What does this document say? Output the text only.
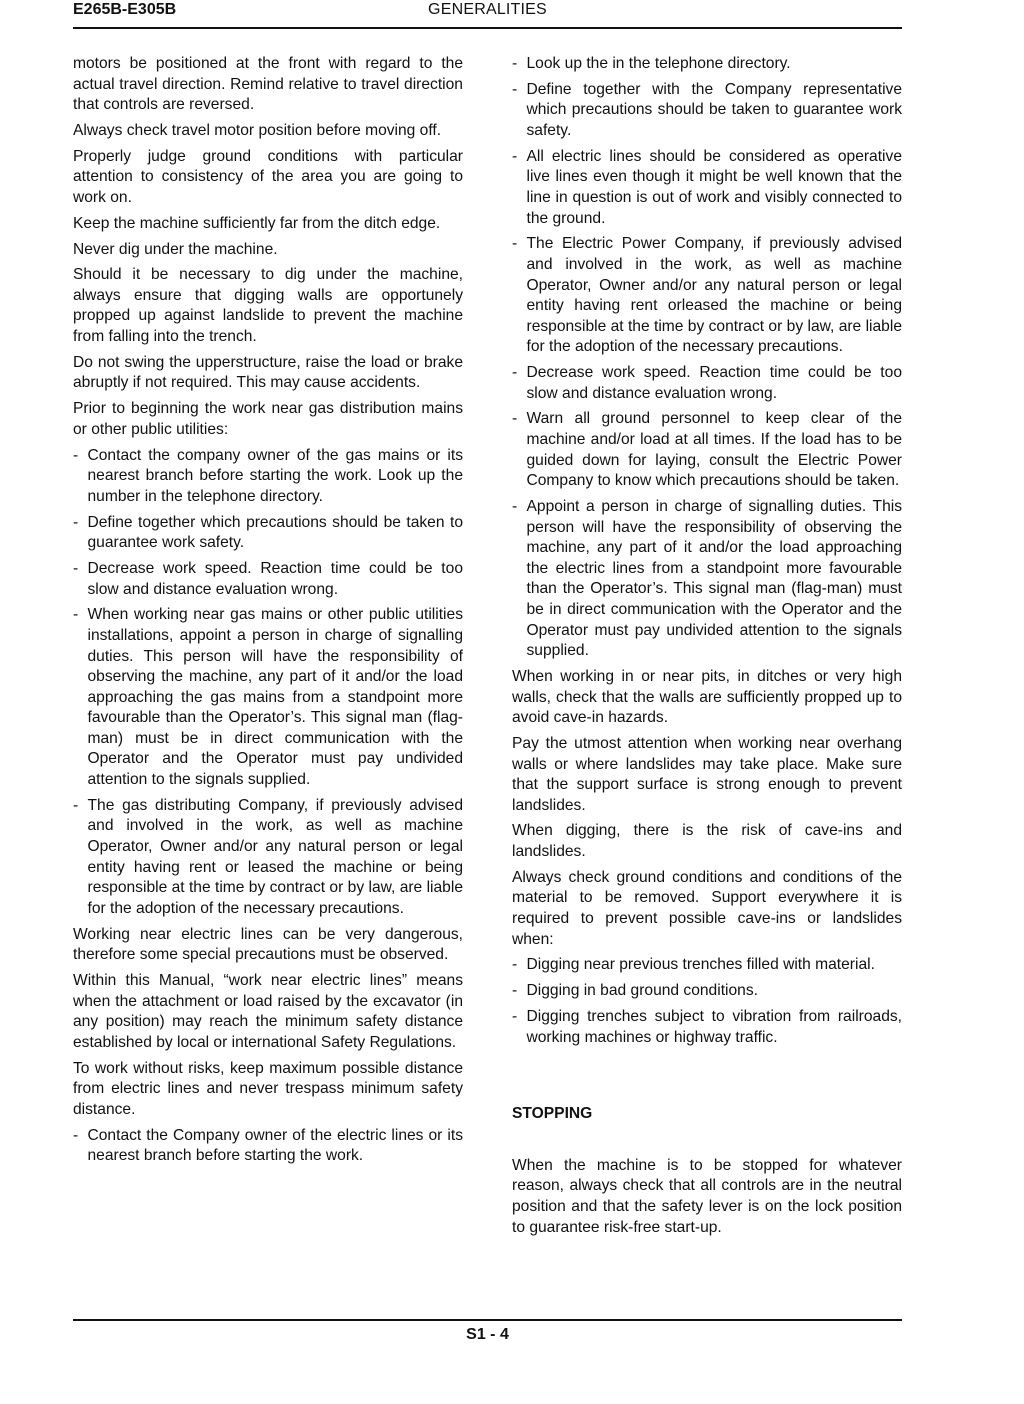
E265B-E305B	GENERALITIES

motors be positioned at the front with regard to the actual travel direction. Remind relative to travel direction that controls are reversed.

Always check travel motor position before moving off.

Properly judge ground conditions with particular attention to consistency of the area you are going to work on.

Keep the machine sufficiently far from the ditch edge.

Never dig under the machine.

Should it be necessary to dig under the machine, always ensure that digging walls are opportunely propped up against landslide to prevent the machine from falling into the trench.

Do not swing the upperstructure, raise the load or brake abruptly if not required. This may cause accidents.

Prior to beginning the work near gas distribution mains or other public utilities:

- Contact the company owner of the gas mains or its nearest branch before starting the work. Look up the number in the telephone directory.
- Define together which precautions should be taken to guarantee work safety.
- Decrease work speed. Reaction time could be too slow and distance evaluation wrong.
- When working near gas mains or other public utilities installations, appoint a person in charge of signalling duties. This person will have the responsibility of observing the machine, any part of it and/or the load approaching the gas mains from a standpoint more favourable than the Operator’s. This signal man (flag-man) must be in direct communication with the Operator and the Operator must pay undivided attention to the signals supplied.
- The gas distributing Company, if previously advised and involved in the work, as well as machine Operator, Owner and/or any natural person or legal entity having rent or leased the machine or being responsible at the time by contract or by law, are liable for the adoption of the necessary precautions.

Working near electric lines can be very dangerous, therefore some special precautions must be observed.

Within this Manual, “work near electric lines” means when the attachment or load raised by the excavator (in any position) may reach the minimum safety distance established by local or international Safety Regulations.

To work without risks, keep maximum possible distance from electric lines and never trespass minimum safety distance.

- Contact the Company owner of the electric lines or its nearest branch before starting the work.
- Look up the in the telephone directory.
- Define together with the Company representative which precautions should be taken to guarantee work safety.
- All electric lines should be considered as operative live lines even though it might be well known that the line in question is out of work and visibly connected to the ground.
- The Electric Power Company, if previously advised and involved in the work, as well as machine Operator, Owner and/or any natural person or legal entity having rent orleased the machine or being responsible at the time by contract or by law, are liable for the adoption of the necessary precautions.
- Decrease work speed. Reaction time could be too slow and distance evaluation wrong.
- Warn all ground personnel to keep clear of the machine and/or load at all times. If the load has to be guided down for laying, consult the Electric Power Company to know which precautions should be taken.
- Appoint a person in charge of signalling duties. This person will have the responsibility of observing the machine, any part of it and/or the load approaching the electric lines from a standpoint more favourable than the Operator’s. This signal man (flag-man) must be in direct communication with the Operator and the Operator must pay undivided attention to the signals supplied.

When working in or near pits, in ditches or very high walls, check that the walls are sufficiently propped up to avoid cave-in hazards.

Pay the utmost attention when working near overhang walls or where landslides may take place. Make sure that the support surface is strong enough to prevent landslides.

When digging, there is the risk of cave-ins and landslides.

Always check ground conditions and conditions of the material to be removed. Support everywhere it is required to prevent possible cave-ins or landslides when:

- Digging near previous trenches filled with material.
- Digging in bad ground conditions.
- Digging trenches subject to vibration from railroads, working machines or highway traffic.
STOPPING

When the machine is to be stopped for whatever reason, always check that all controls are in the neutral position and that the safety lever is on the lock position to guarantee risk-free start-up.

S1 - 4
